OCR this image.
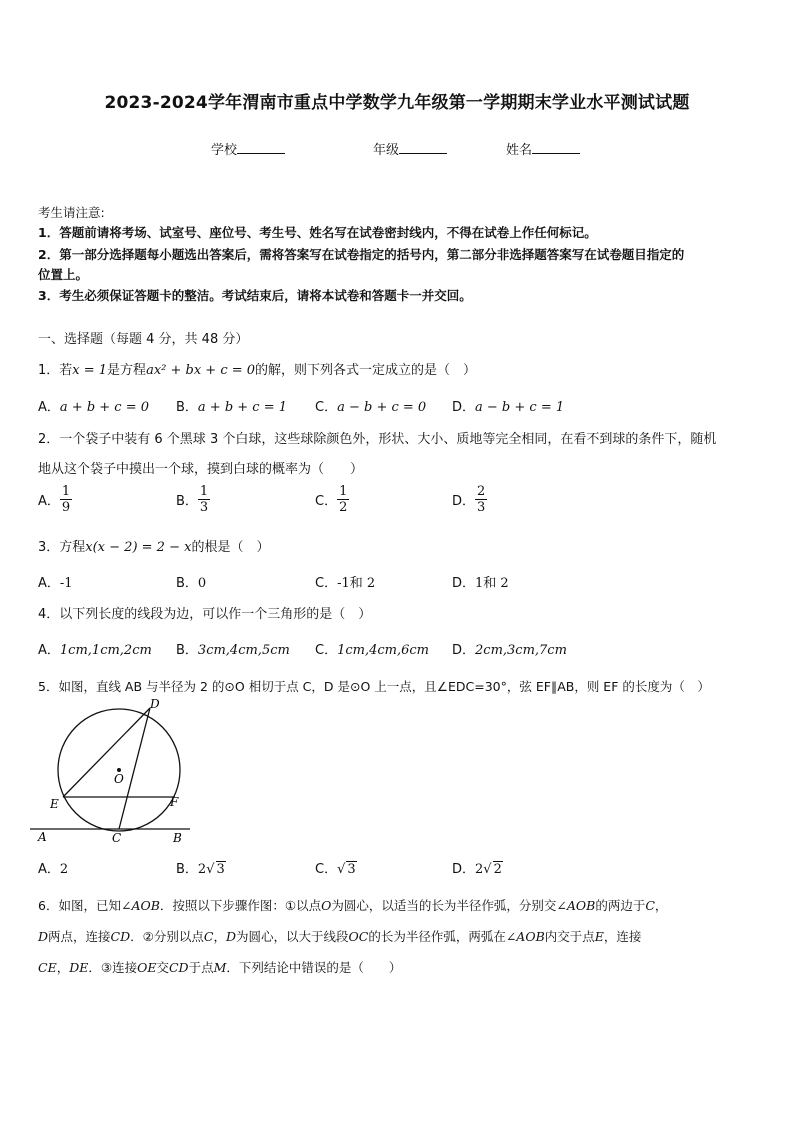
2023-2024学年渭南市重点中学数学九年级第一学期期末学业水平测试试题
学校	年级	姓名
考生请注意:
1．答题前请将考场、试室号、座位号、考生号、姓名写在试卷密封线内，不得在试卷上作任何标记。
2．第一部分选择题每小题选出答案后，需将答案写在试卷指定的括号内，第二部分非选择题答案写在试卷题目指定的
位置上。
3．考生必须保证答题卡的整洁。考试结束后，请将本试卷和答题卡一并交回。
一、选择题（每题 4 分，共 48 分）
1．若x = 1是方程ax² + bx + c = 0的解，则下列各式一定成立的是（　）
A．a + b + c = 0 B．a + b + c = 1 C．a − b + c = 0 D．a − b + c = 1
2．一个袋子中装有 6 个黑球 3 个白球，这些球除颜色外，形状、大小、质地等完全相同，在看不到球的条件下，随机
地从这个袋子中摸出一个球，摸到白球的概率为（　　）
A． $\frac{1}{9}$	B． $\frac{1}{3}$	C． $\frac{1}{2}$	D． $\frac{2}{3}$
3．方程x(x − 2) = 2 − x的根是（　）
A．-1	B．0	C．-1和 2	D．1和 2
4．以下列长度的线段为边，可以作一个三角形的是（　）
A．1cm,1cm,2cm B．3cm,4cm,5cm C．1cm,4cm,6cm D．2cm,3cm,7cm
5．如图，直线 AB 与半径为 2 的⊙O 相切于点 C，D 是⊙O 上一点，且∠EDC=30°，弦 EF∥AB，则 EF 的长度为（　）
D
O
E	F
A	C	B
A．2	B．2√ 3	C．√ 3	D．2√ 2
6．如图，已知∠AOB．按照以下步骤作图：①以点O为圆心，以适当的长为半径作弧，分别交∠AOB的两边于C，
D两点，连接CD．②分别以点C，D为圆心，以大于线段OC的长为半径作弧，两弧在∠AOB内交于点E，连接
CE，DE．③连接OE交CD于点M．下列结论中错误的是（　　）
